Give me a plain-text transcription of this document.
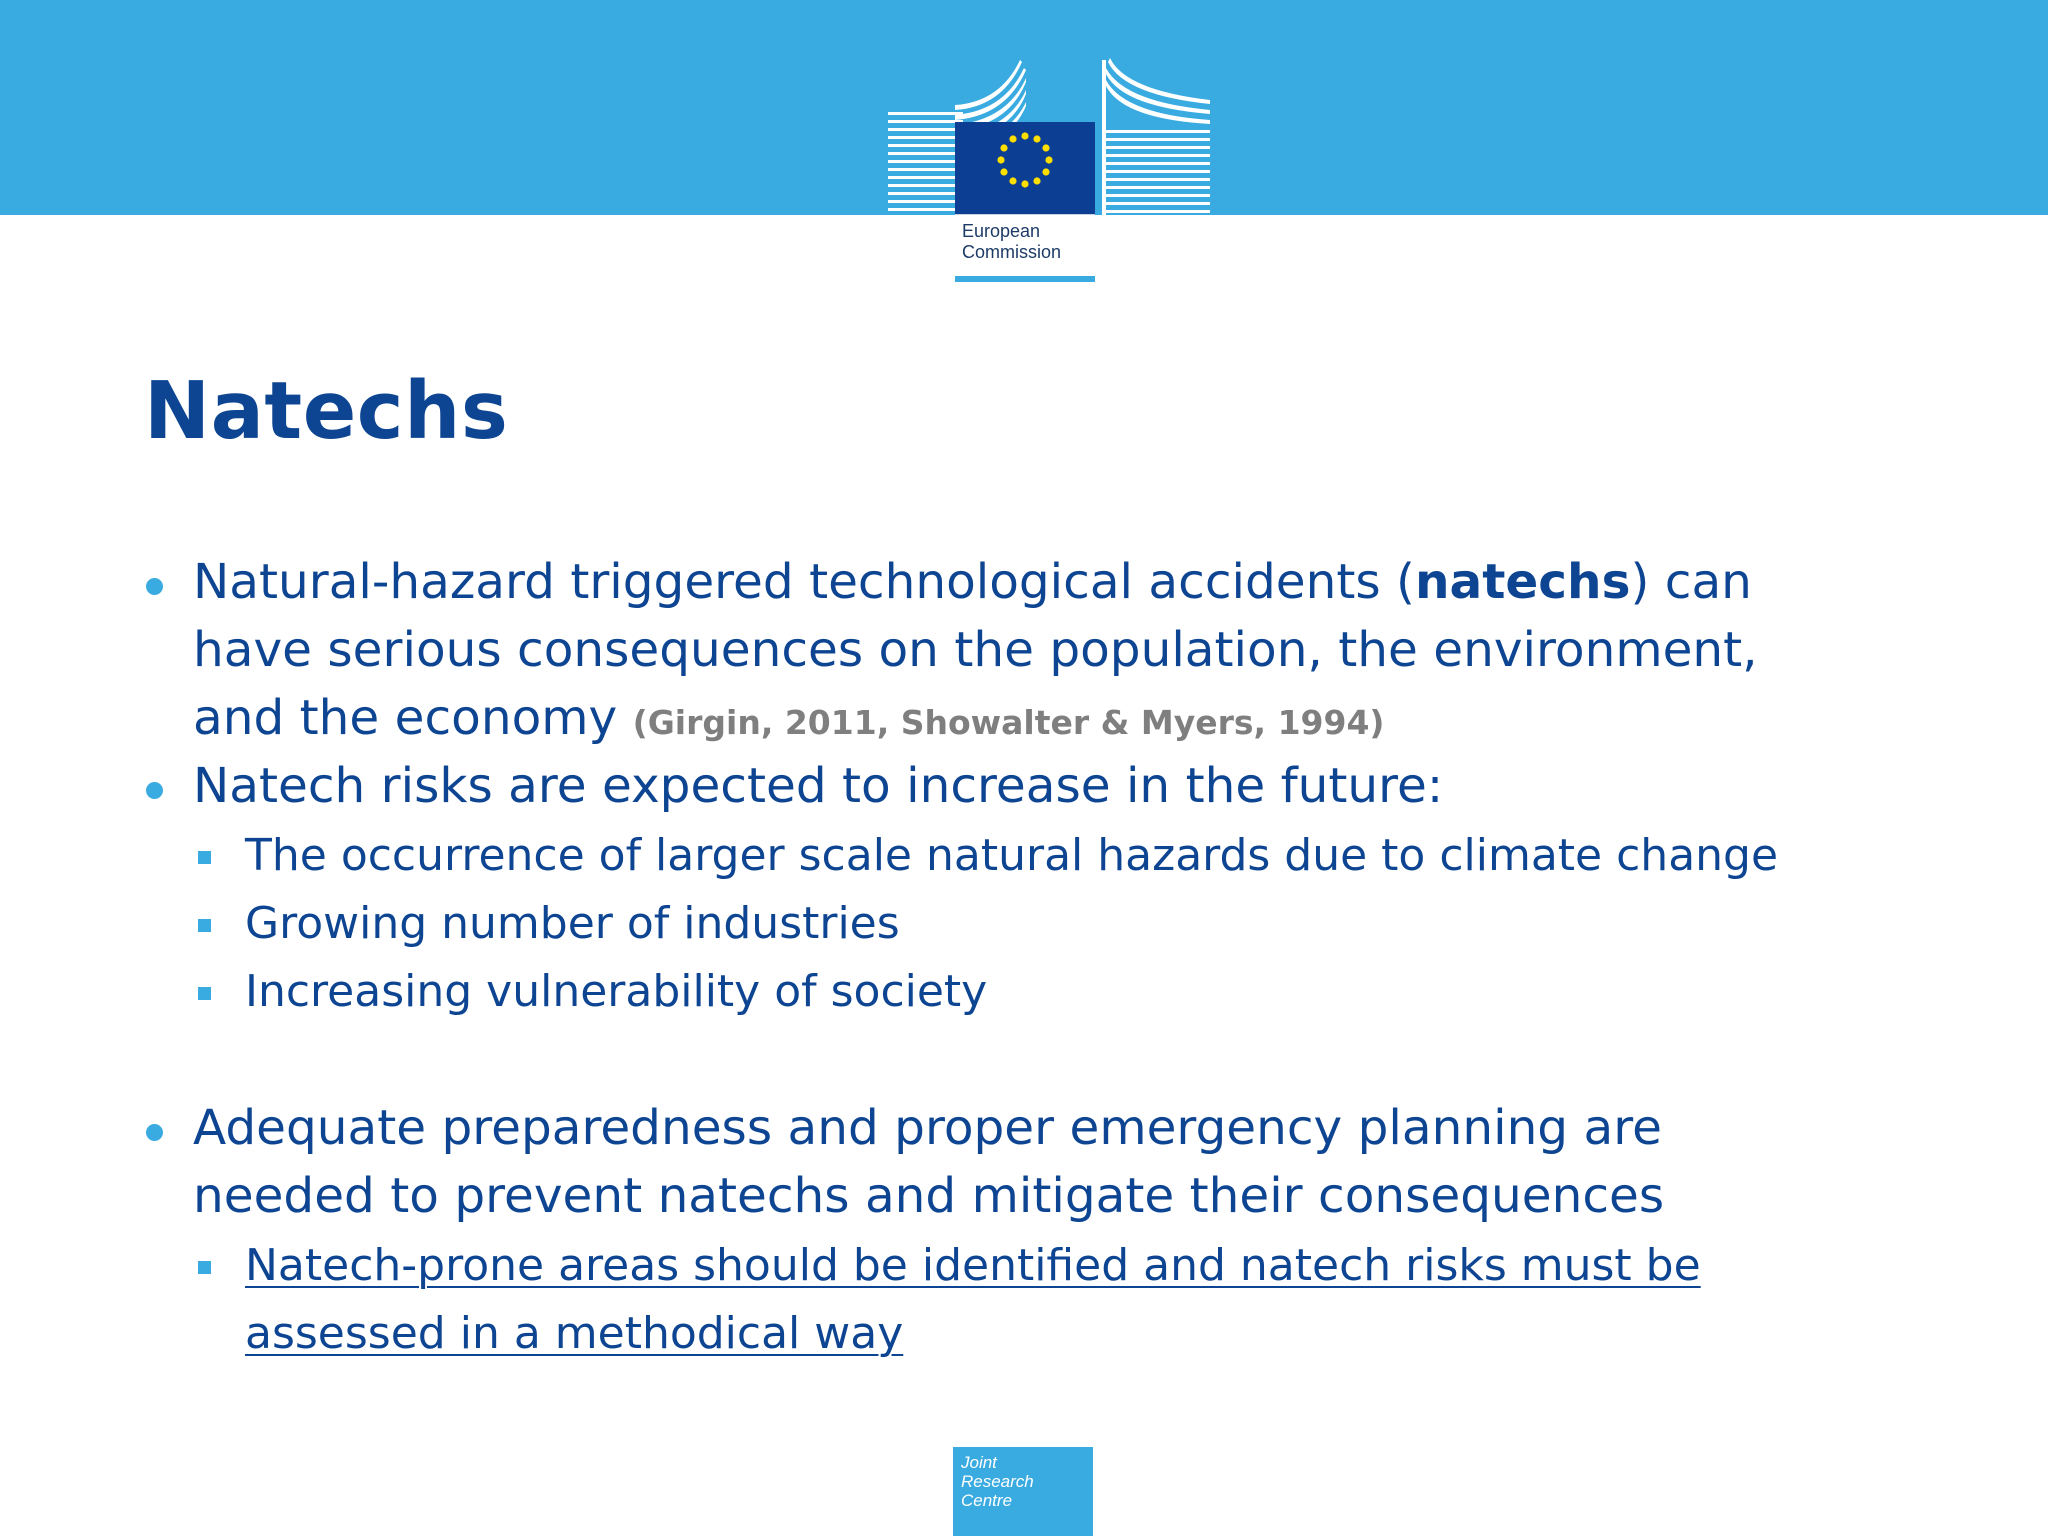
European
Commission
Natechs
Natural-hazard triggered technological accidents (natechs) can
have serious consequences on the population, the environment,
and the economy (Girgin, 2011, Showalter & Myers, 1994)
Natech risks are expected to increase in the future:
The occurrence of larger scale natural hazards due to climate change
Growing number of industries
Increasing vulnerability of society
Adequate preparedness and proper emergency planning are
needed to prevent natechs and mitigate their consequences
Natech-prone areas should be identified and natech risks must be
assessed in a methodical way
Joint
Research
Centre
